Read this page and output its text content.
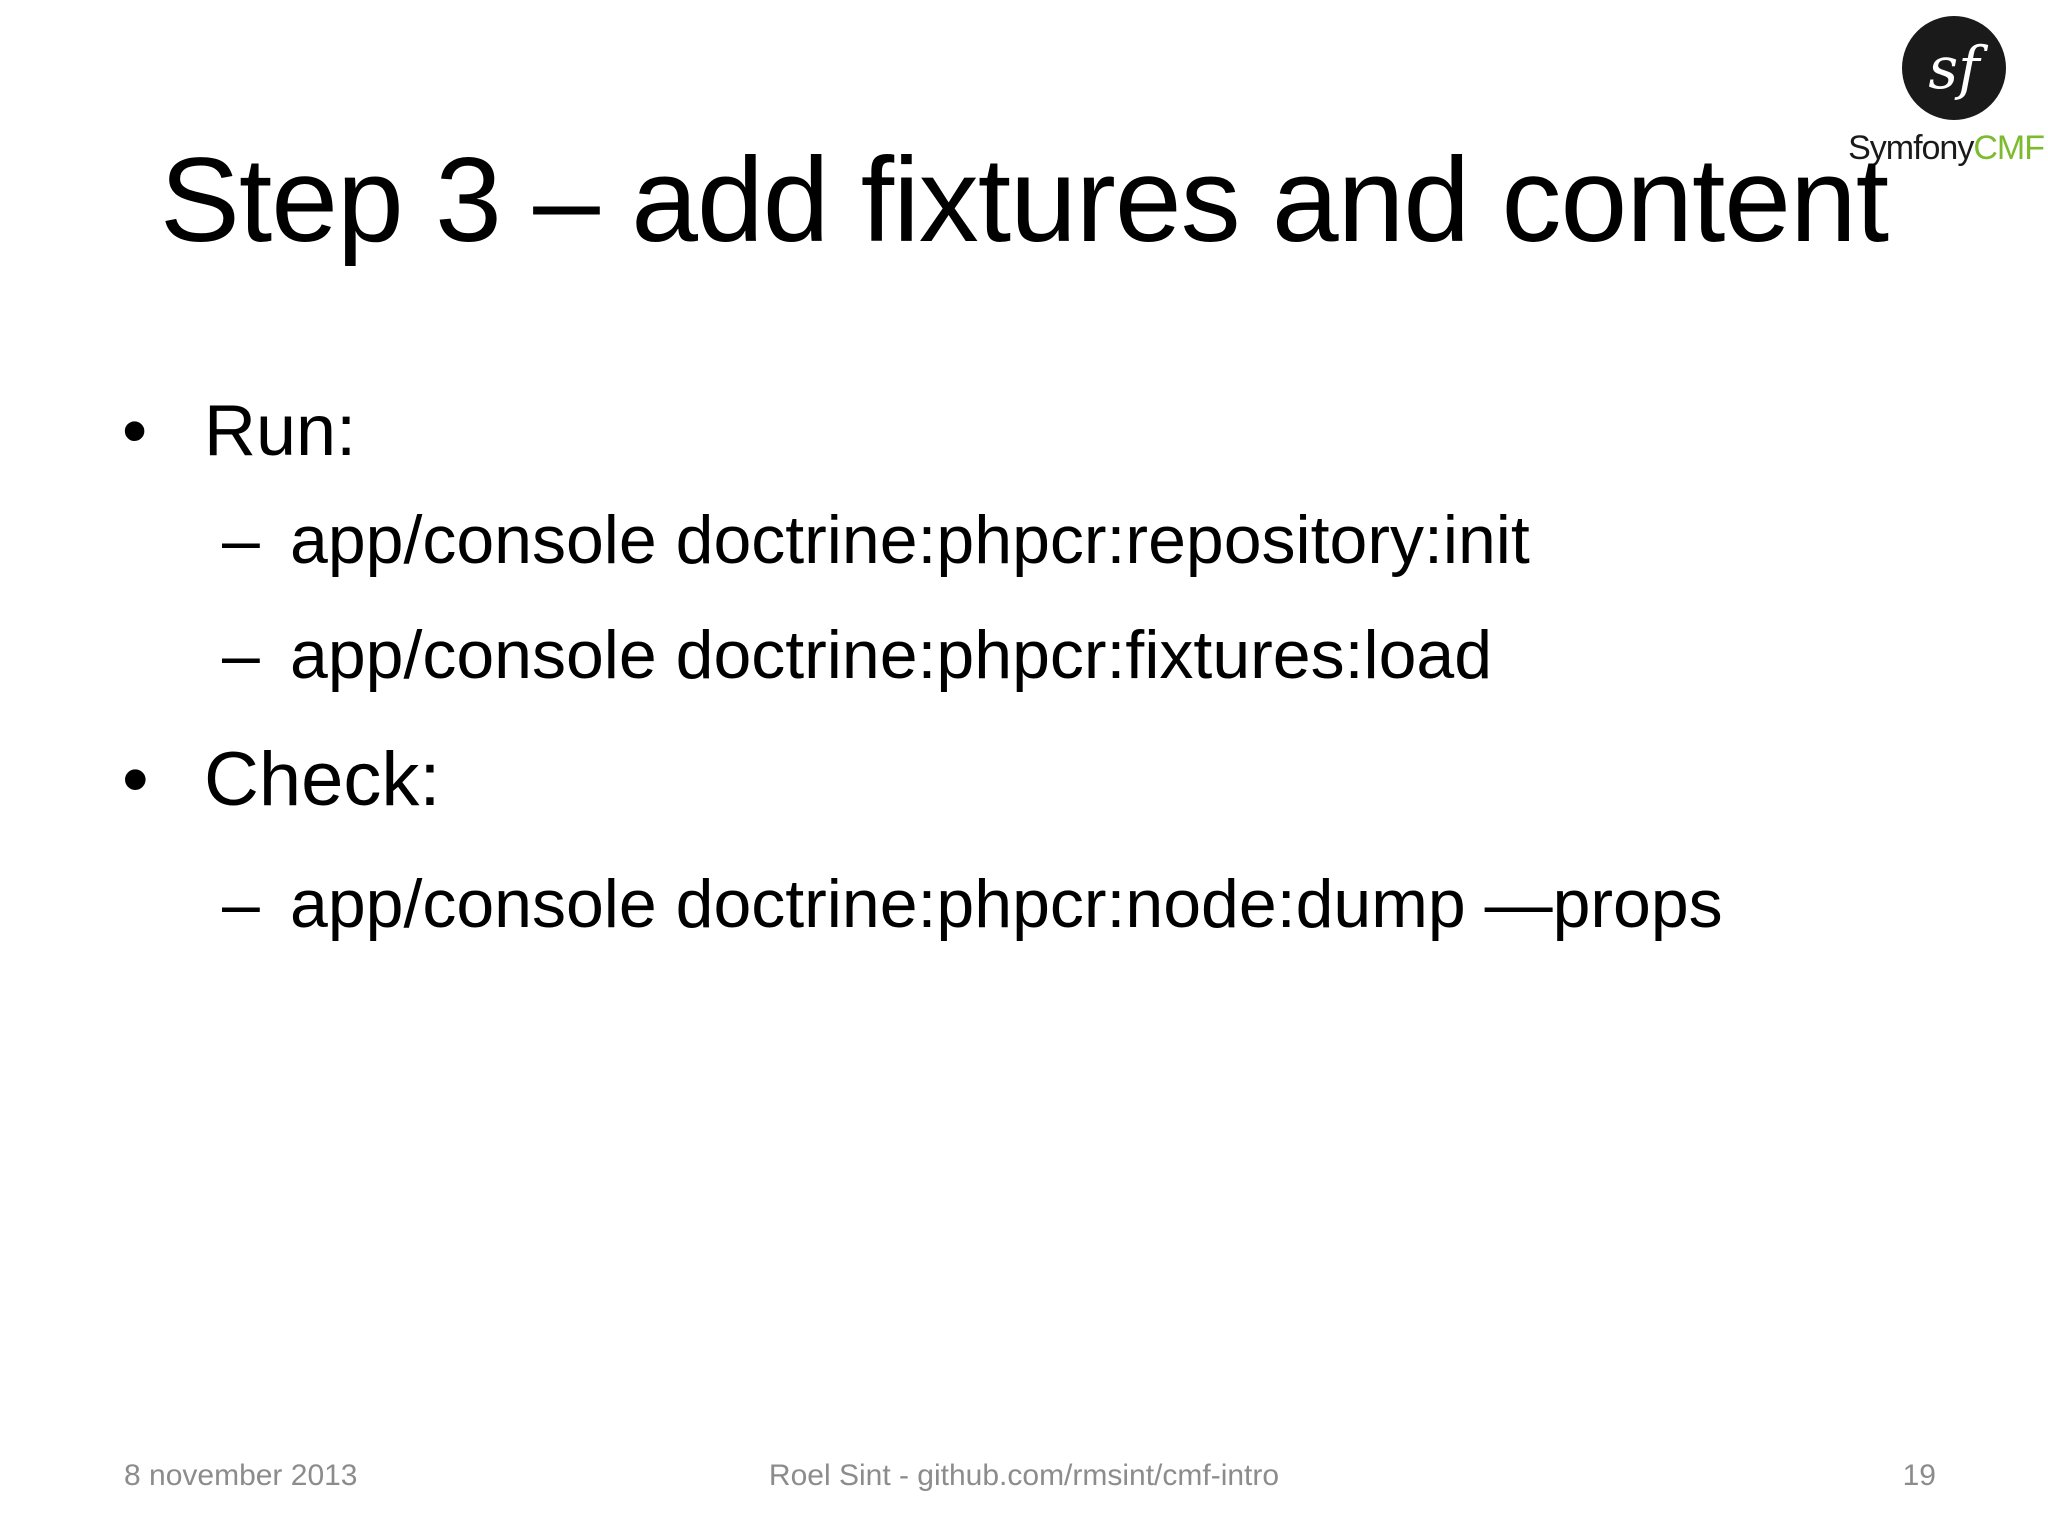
sf
SymfonyCMF
Step 3 – add fixtures and content
• Run:
– app/console doctrine:phpcr:repository:init
– app/console doctrine:phpcr:fixtures:load
• Check:
– app/console doctrine:phpcr:node:dump —props
8 november 2013	Roel Sint - github.com/rmsint/cmf-intro	19
